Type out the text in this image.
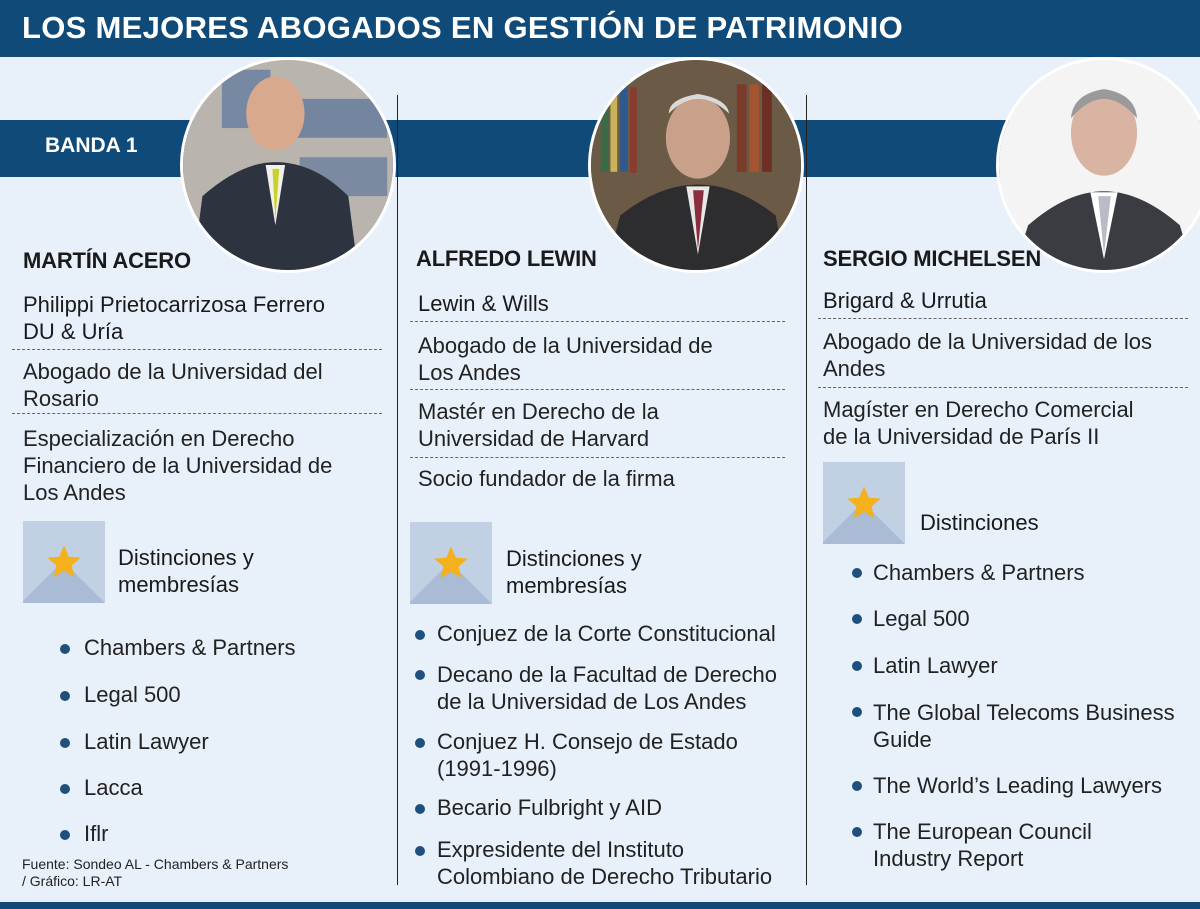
LOS MEJORES ABOGADOS EN GESTIÓN DE PATRIMONIO
BANDA 1
MARTÍN ACERO
Philippi Prietocarrizosa Ferrero
DU & Uría
Abogado de la Universidad del
Rosario
Especialización en Derecho
Financiero de la Universidad de
Los Andes
Distinciones y
membresías
Chambers & Partners
Legal 500
Latin Lawyer
Lacca
Iflr
Fuente: Sondeo AL - Chambers & Partners
/ Gráfico: LR-AT
ALFREDO LEWIN
Lewin & Wills
Abogado de la Universidad de
Los Andes
Mastér en Derecho de la
Universidad de Harvard
Socio fundador de la firma
Distinciones y
membresías
Conjuez de la Corte Constitucional
Decano de la Facultad de Derecho
de la Universidad de Los Andes
Conjuez H. Consejo de Estado
(1991-1996)
Becario Fulbright y AID
Expresidente del Instituto
Colombiano de Derecho Tributario
SERGIO MICHELSEN
Brigard & Urrutia
Abogado de la Universidad de los
Andes
Magíster en Derecho Comercial
de la Universidad de París II
Distinciones
Chambers & Partners
Legal 500
Latin Lawyer
The Global Telecoms Business
Guide
The World’s Leading Lawyers
The European Council
Industry Report
